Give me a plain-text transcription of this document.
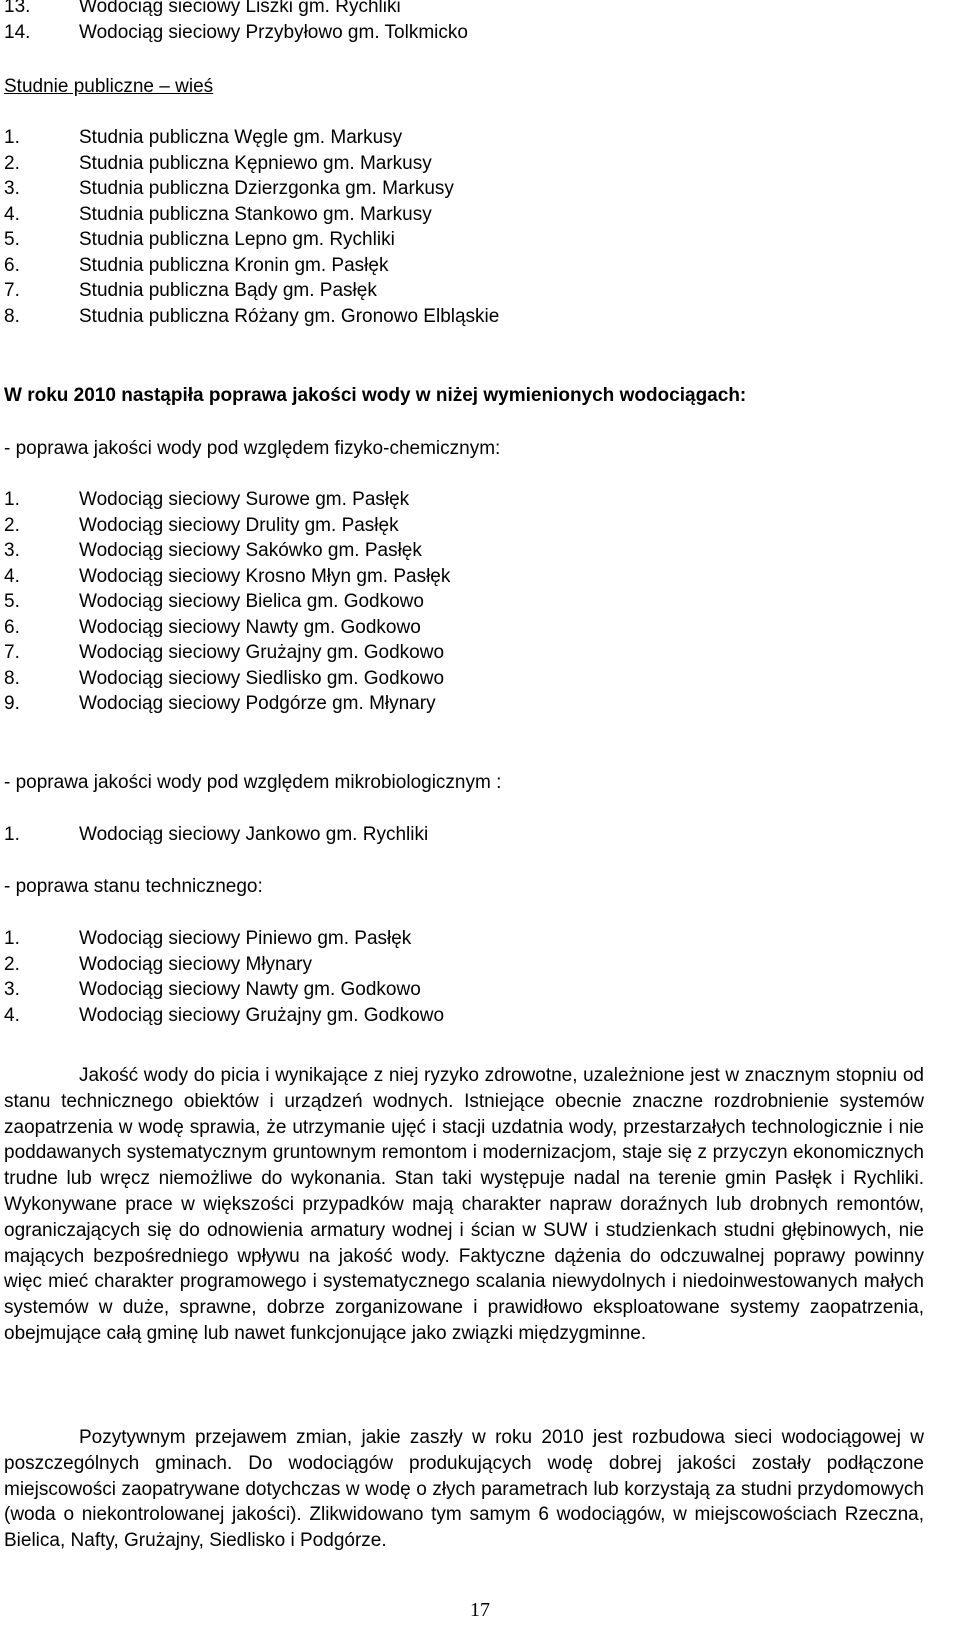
13.	Wodociąg sieciowy Liszki gm. Rychliki
14.	Wodociąg sieciowy Przybyłowo gm. Tolkmicko
Studnie publiczne – wieś
1.	Studnia publiczna Węgle gm. Markusy
2.	Studnia publiczna Kępniewo gm. Markusy
3.	Studnia publiczna Dzierzgonka gm. Markusy
4.	Studnia publiczna Stankowo gm. Markusy
5.	Studnia publiczna Lepno gm. Rychliki
6.	Studnia publiczna Kronin gm. Pasłęk
7.	Studnia publiczna Bądy gm. Pasłęk
8.	Studnia publiczna Różany gm. Gronowo Elbląskie
W roku 2010 nastąpiła poprawa jakości wody w niżej wymienionych wodociągach:
- poprawa jakości wody pod względem fizyko-chemicznym:
1.	Wodociąg sieciowy Surowe gm. Pasłęk
2.	Wodociąg sieciowy Drulity gm. Pasłęk
3.	Wodociąg sieciowy Sakówko gm. Pasłęk
4.	Wodociąg sieciowy Krosno Młyn gm. Pasłęk
5.	Wodociąg sieciowy Bielica gm. Godkowo
6.	Wodociąg sieciowy Nawty gm. Godkowo
7.	Wodociąg sieciowy Grużajny gm. Godkowo
8.	Wodociąg sieciowy Siedlisko gm. Godkowo
9.	Wodociąg sieciowy Podgórze gm. Młynary
- poprawa jakości wody pod względem mikrobiologicznym :
1.	Wodociąg sieciowy Jankowo gm. Rychliki
- poprawa stanu technicznego:
1.	Wodociąg sieciowy Piniewo gm. Pasłęk
2.	Wodociąg sieciowy Młynary
3.	Wodociąg sieciowy Nawty gm. Godkowo
4.	Wodociąg sieciowy Grużajny gm. Godkowo

Jakość wody do picia i wynikające z niej ryzyko zdrowotne, uzależnione jest w znacznym stopniu od stanu technicznego obiektów i urządzeń wodnych. Istniejące obecnie znaczne rozdrobnienie systemów zaopatrzenia w wodę sprawia, że utrzymanie ujęć i stacji uzdatnia wody, przestarzałych technologicznie i nie poddawanych systematycznym gruntownym remontom i modernizacjom, staje się z przyczyn ekonomicznych trudne lub wręcz niemożliwe do wykonania. Stan taki występuje nadal na terenie gmin Pasłęk i Rychliki. Wykonywane prace w większości przypadków mają charakter napraw doraźnych lub drobnych remontów, ograniczających się do odnowienia armatury wodnej i ścian w SUW i studzienkach studni głębinowych, nie mających bezpośredniego wpływu na jakość wody. Faktyczne dążenia do odczuwalnej poprawy powinny więc mieć charakter programowego i systematycznego scalania niewydolnych i niedoinwestowanych małych systemów w duże, sprawne, dobrze zorganizowane i prawidłowo eksploatowane systemy zaopatrzenia, obejmujące całą gminę lub nawet funkcjonujące jako związki międzygminne.

Pozytywnym przejawem zmian, jakie zaszły w roku 2010 jest rozbudowa sieci wodociągowej w poszczególnych gminach. Do wodociągów produkujących wodę dobrej jakości zostały podłączone miejscowości zaopatrywane dotychczas w wodę o złych parametrach lub korzystają za studni przydomowych (woda o niekontrolowanej jakości). Zlikwidowano tym samym 6 wodociągów, w miejscowościach Rzeczna, Bielica, Nafty, Grużajny, Siedlisko i Podgórze.

17
